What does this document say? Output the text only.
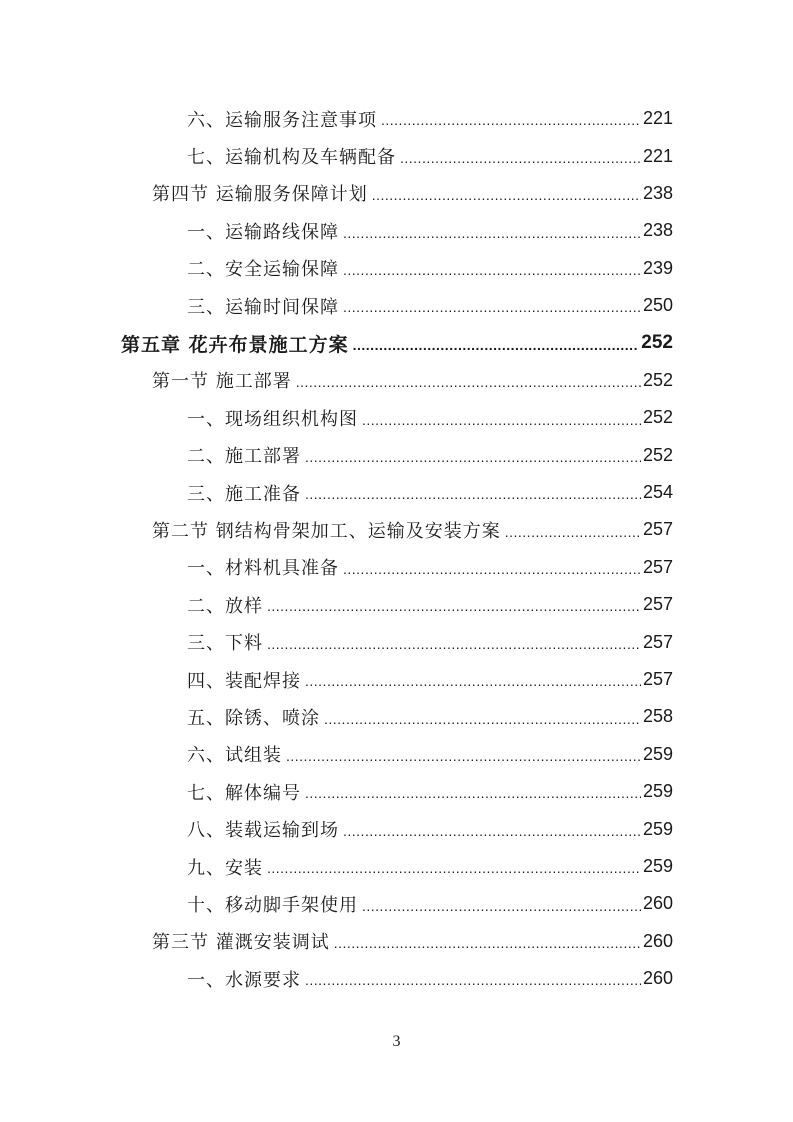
六、运输服务注意事项 .....	221
七、运输机构及车辆配备 .....	221
第四节 运输服务保障计划 .....	238
一、运输路线保障 .....	238
二、安全运输保障 .....	239
三、运输时间保障 .....	250
第五章 花卉布景施工方案 .....	252
第一节 施工部署 .....	252
一、现场组织机构图 .....	252
二、施工部署 .....	252
三、施工准备 .....	254
第二节 钢结构骨架加工、运输及安装方案 .....	257
一、材料机具准备 .....	257
二、放样 .....	257
三、下料 .....	257
四、装配焊接 .....	257
五、除锈、喷涂 .....	258
六、试组装 .....	259
七、解体编号 .....	259
八、装载运输到场 .....	259
九、安装 .....	259
十、移动脚手架使用 .....	260
第三节 灌溉安装调试 .....	260
一、水源要求 .....	260
3
